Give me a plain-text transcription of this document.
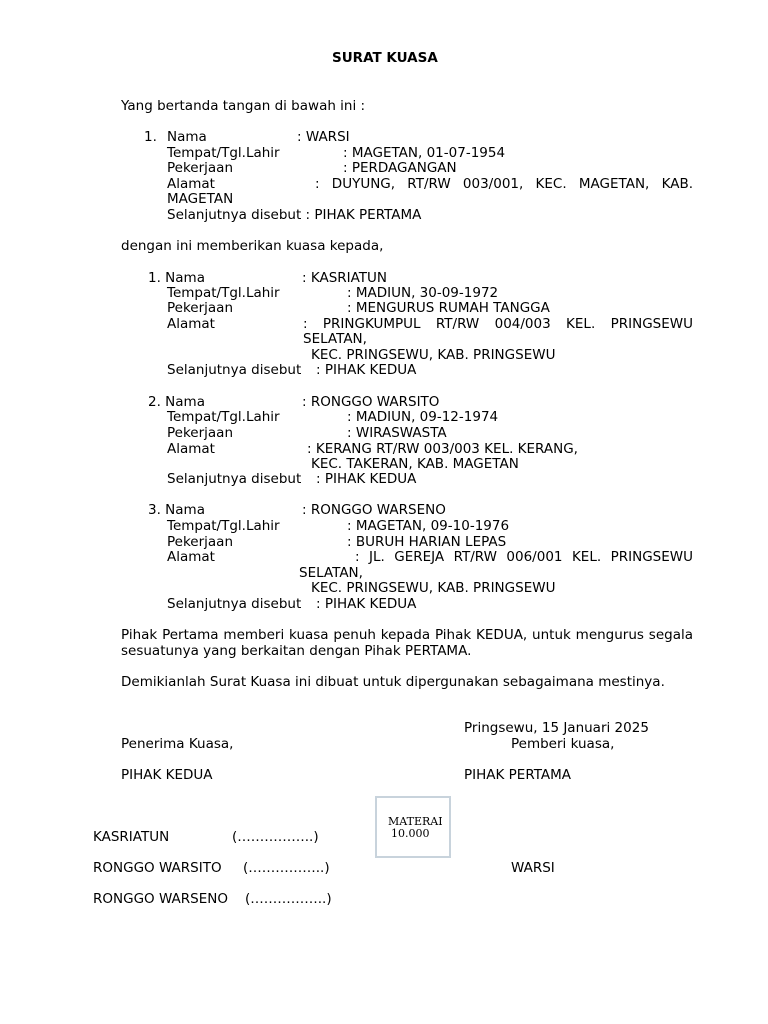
SURAT KUASA
Yang bertanda tangan di bawah ini :
1. Nama	: WARSI
Tempat/Tgl.Lahir	: MAGETAN, 01-07-1954
Pekerjaan	: PERDAGANGAN
Alamat	: DUYUNG, RT/RW 003/001, KEC. MAGETAN, KAB.
MAGETAN
Selanjutnya disebut : PIHAK PERTAMA
dengan ini memberikan kuasa kepada,
1. Nama	: KASRIATUN
Tempat/Tgl.Lahir	: MADIUN, 30-09-1972
Pekerjaan	: MENGURUS RUMAH TANGGA
Alamat	: PRINGKUMPUL RT/RW 004/003 KEL. PRINGSEWU
SELATAN,
KEC. PRINGSEWU, KAB. PRINGSEWU
Selanjutnya disebut : PIHAK KEDUA
2. Nama	: RONGGO WARSITO
Tempat/Tgl.Lahir	: MADIUN, 09-12-1974
Pekerjaan	: WIRASWASTA
Alamat	: KERANG RT/RW 003/003 KEL. KERANG,
KEC. TAKERAN, KAB. MAGETAN
Selanjutnya disebut : PIHAK KEDUA
3. Nama	: RONGGO WARSENO
Tempat/Tgl.Lahir	: MAGETAN, 09-10-1976
Pekerjaan	: BURUH HARIAN LEPAS
Alamat	: JL. GEREJA RT/RW 006/001 KEL. PRINGSEWU
SELATAN,
KEC. PRINGSEWU, KAB. PRINGSEWU
Selanjutnya disebut : PIHAK KEDUA
Pihak Pertama memberi kuasa penuh kepada Pihak KEDUA, untuk mengurus segala sesuatunya yang berkaitan dengan Pihak PERTAMA.
Demikianlah Surat Kuasa ini dibuat untuk dipergunakan sebagaimana mestinya.
Pringsewu, 15 Januari 2025
Penerima Kuasa,	Pemberi kuasa,
PIHAK KEDUA	PIHAK PERTAMA
MATERAI
10.000
KASRIATUN	(……………..)
RONGGO WARSITO (……………..)	WARSI
RONGGO WARSENO (……………..)
